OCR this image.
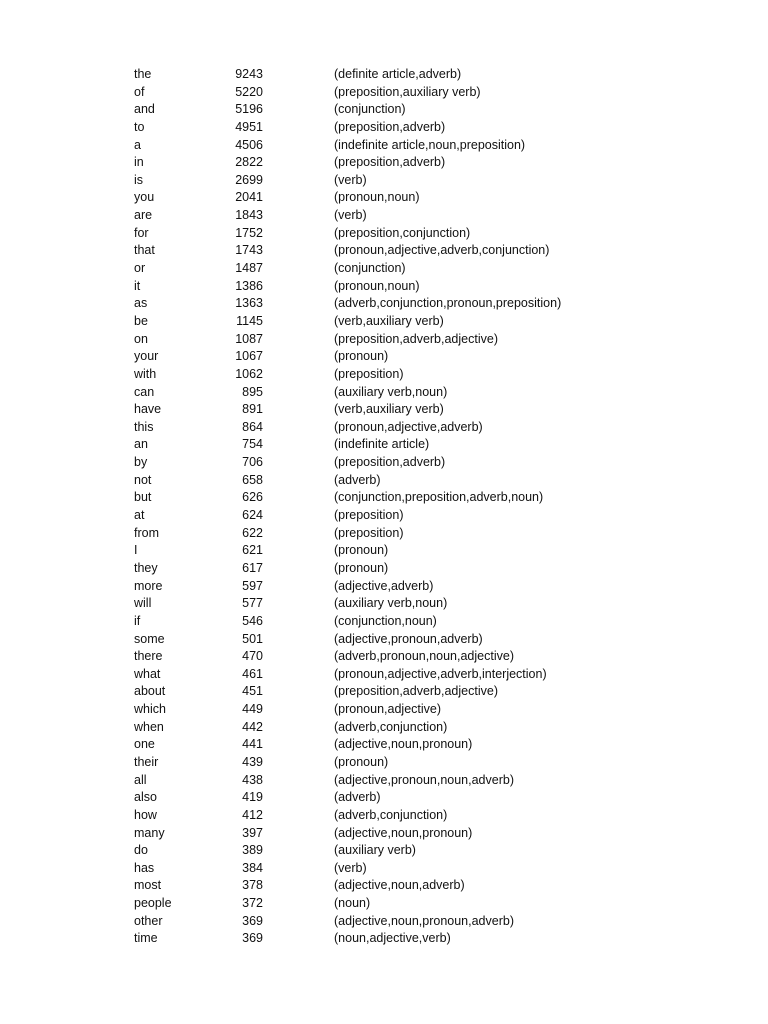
the	9243	(definite article,adverb)
of	5220	(preposition,auxiliary verb)
and	5196	(conjunction)
to	4951	(preposition,adverb)
a	4506	(indefinite article,noun,preposition)
in	2822	(preposition,adverb)
is	2699	(verb)
you	2041	(pronoun,noun)
are	1843	(verb)
for	1752	(preposition,conjunction)
that	1743	(pronoun,adjective,adverb,conjunction)
or	1487	(conjunction)
it	1386	(pronoun,noun)
as	1363	(adverb,conjunction,pronoun,preposition)
be	1145	(verb,auxiliary verb)
on	1087	(preposition,adverb,adjective)
your	1067	(pronoun)
with	1062	(preposition)
can	895	(auxiliary verb,noun)
have	891	(verb,auxiliary verb)
this	864	(pronoun,adjective,adverb)
an	754	(indefinite article)
by	706	(preposition,adverb)
not	658	(adverb)
but	626	(conjunction,preposition,adverb,noun)
at	624	(preposition)
from	622	(preposition)
I	621	(pronoun)
they	617	(pronoun)
more	597	(adjective,adverb)
will	577	(auxiliary verb,noun)
if	546	(conjunction,noun)
some	501	(adjective,pronoun,adverb)
there	470	(adverb,pronoun,noun,adjective)
what	461	(pronoun,adjective,adverb,interjection)
about	451	(preposition,adverb,adjective)
which	449	(pronoun,adjective)
when	442	(adverb,conjunction)
one	441	(adjective,noun,pronoun)
their	439	(pronoun)
all	438	(adjective,pronoun,noun,adverb)
also	419	(adverb)
how	412	(adverb,conjunction)
many	397	(adjective,noun,pronoun)
do	389	(auxiliary verb)
has	384	(verb)
most	378	(adjective,noun,adverb)
people	372	(noun)
other	369	(adjective,noun,pronoun,adverb)
time	369	(noun,adjective,verb)
